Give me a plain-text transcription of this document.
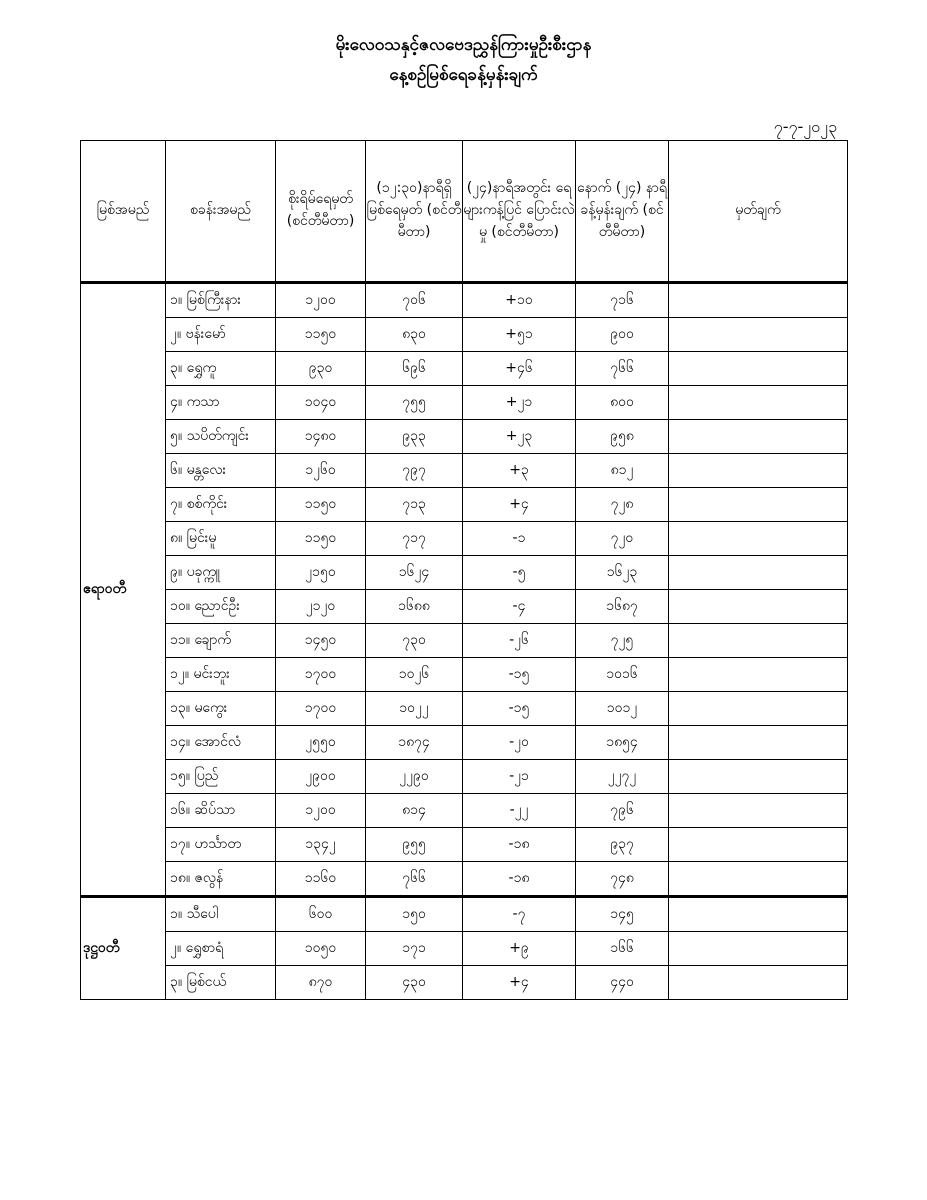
မိုးလေဝသနှင့်ဇလဗေဒညွှန်ကြားမှုဦးစီးဌာန
နေ့စဉ်မြစ်ရေခန့်မှန်းချက်
၇-၇-၂၀၂၃
မြစ်အမည်	စခန်းအမည်	စိုးရိမ်ရေမှတ် (စင်တီမီတာ)	(၁၂:၃၀)နာရီရှိ မြစ်ရေမှတ် (စင်တီမီတာ)	(၂၄)နာရီအတွင်း ရေများကန့်ပြင် ပြောင်းလဲမှု (စင်တီမီတာ)	နောက် (၂၄) နာရီ ခန့်မှန်းချက် (စင်တီမီတာ)	မှတ်ချက်
ဧရာဝတီ	၁။ မြစ်ကြီးနား	၁၂၀၀	၇၀၆	+၁၀	၇၁၆	
	၂။ ဗန်းမော်	၁၁၅၀	၈၃၀	+၅၁	၉၀၀	
	၃။ ရွှေကူ	၉၃၀	၆၉၆	+၄၆	၇၆၆	
	၄။ ကသာ	၁၀၄၀	၇၅၅	+၂၁	၈၀၀	
	၅။ သပိတ်ကျင်း	၁၄၈၀	၉၃၃	+၂၃	၉၅၈	
	၆။ မန္တလေး	၁၂၆၀	၇၉၇	+၃	၈၁၂	
	၇။ စစ်ကိုင်း	၁၁၅၀	၇၁၃	+၄	၇၂၈	
	၈။ မြင်းမူ	၁၁၅၀	၇၁၇	-၁	၇၂၀	
	၉။ ပခုက္ကူ	၂၁၅၀	၁၆၂၄	-၅	၁၆၂၃	
	၁၀။ ညောင်ဦး	၂၁၂၀	၁၆၈၈	-၄	၁၆၈၇	
	၁၁။ ချောက်	၁၄၅၀	၇၃၀	-၂၆	၇၂၅	
	၁၂။ မင်းဘူး	၁၇၀၀	၁၀၂၆	-၁၅	၁၀၁၆	
	၁၃။ မကွေး	၁၇၀၀	၁၀၂၂	-၁၅	၁၀၁၂	
	၁၄။ အောင်လံ	၂၅၅၀	၁၈၇၄	-၂၀	၁၈၅၄	
	၁၅။ ပြည်	၂၉၀၀	၂၂၉၀	-၂၁	၂၂၇၂	
	၁၆။ ဆိပ်သာ	၁၂၀၀	၈၁၄	-၂၂	၇၉၆	
	၁၇။ ဟင်္သာတ	၁၃၄၂	၉၅၅	-၁၈	၉၃၇	
	၁၈။ ဇလွန်	၁၁၆၀	၇၆၆	-၁၈	၇၄၈	
ဒုဋ္ဌဝတီ	၁။ သီပေါ	၆၀၀	၁၅၀	-၇	၁၄၅	
	၂။ ရွှေစာရံ	၁၀၅၀	၁၇၁	+၉	၁၆၆	
	၃။ မြစ်ငယ်	၈၇၀	၄၃၀	+၄	၄၄၀	
